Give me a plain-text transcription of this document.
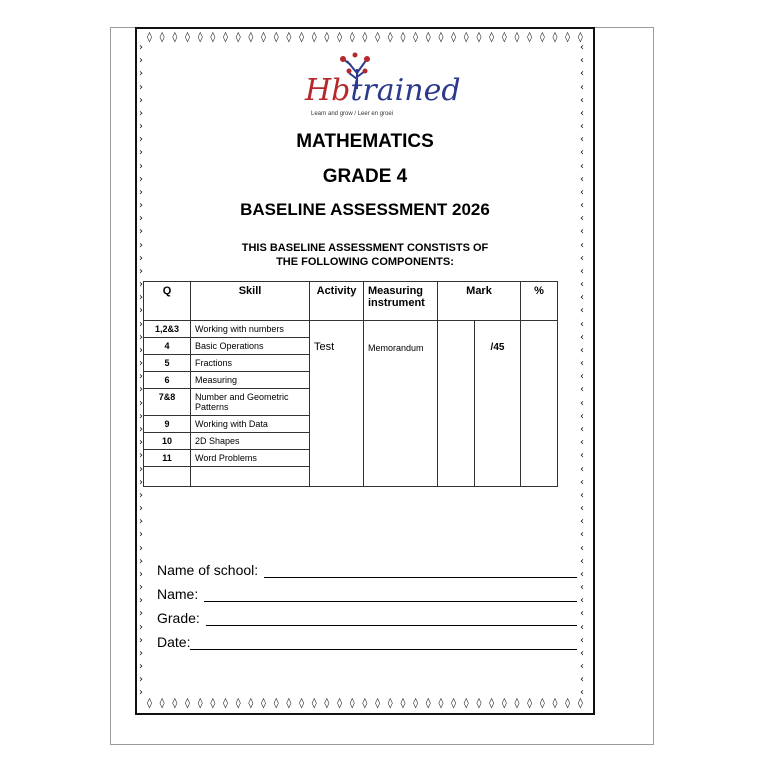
◊ ◊ ◊ ◊ ◊ ◊ ◊ ◊ ◊ ◊ ◊ ◊ ◊ ◊ ◊ ◊ ◊ ◊ ◊ ◊ ◊ ◊ ◊ ◊ ◊ ◊ ◊ ◊ ◊ ◊ ◊ ◊ ◊ ◊ ◊
◊ ◊ ◊ ◊ ◊ ◊ ◊ ◊ ◊ ◊ ◊ ◊ ◊ ◊ ◊ ◊ ◊ ◊ ◊ ◊ ◊ ◊ ◊ ◊ ◊ ◊ ◊ ◊ ◊ ◊ ◊ ◊ ◊ ◊ ◊
›
›
›
›
›
›
›
›
›
›
›
›
›
›
›
›
›
›
›
›
›
›
›
›
›
›
›
›
›
›
›
›
›
›
›
›
›
›
›
›
›
›
›
›
›
›
›
›
›
›
‹
‹
‹
‹
‹
‹
‹
‹
‹
‹
‹
‹
‹
‹
‹
‹
‹
‹
‹
‹
‹
‹
‹
‹
‹
‹
‹
‹
‹
‹
‹
‹
‹
‹
‹
‹
‹
‹
‹
‹
‹
‹
‹
‹
‹
‹
‹
‹
‹
‹
Hbtrained
Learn and grow / Leer en groei
MATHEMATICS
GRADE 4
BASELINE ASSESSMENT 2026
THIS BASELINE ASSESSMENT CONSTISTS OF
THE FOLLOWING COMPONENTS:
Q	Skill	Activity	Measuring instrument	Mark		%
1,2&3	Working with numbers	Test	Memorandum		/45	
4	Basic Operations					
5	Fractions					
6	Measuring					
7&8	Number and Geometric Patterns					
9	Working with Data					
10	2D Shapes					
11	Word Problems					

Name of school:
Name:
Grade:
Date:
